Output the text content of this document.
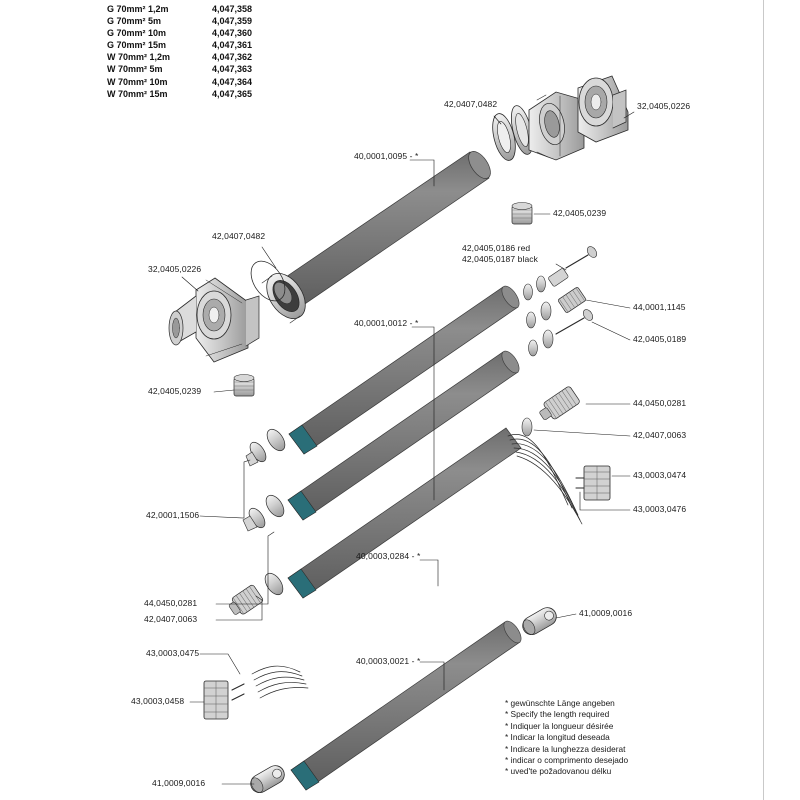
G 70mm² 1,2m	4,047,358
G 70mm² 5m	4,047,359
G 70mm² 10m	4,047,360
G 70mm² 15m	4,047,361
W 70mm² 1,2m	4,047,362
W 70mm² 5m	4,047,363
W 70mm² 10m	4,047,364
W 70mm² 15m	4,047,365
42,0407,0482	32,0405,0226
40,0001,0095 - *
42,0405,0239
42,0407,0482
42,0405,0186 red
42,0405,0187 black
44,0001,1145
32,0405,0226
40,0001,0012 - *
42,0405,0189
42,0405,0239
44,0450,0281
42,0407,0063
43,0003,0474
43,0003,0476
42,0001,1506
40,0003,0284 - *
44,0450,0281
42,0407,0063
41,0009,0016
43,0003,0475
40,0003,0021 - *
43,0003,0458
41,0009,0016
* gewünschte Länge angeben
* Specify the length required
* Indiquer la longueur désirée
* Indicar la longitud deseada
* Indicare la lunghezza desiderat
* indicar o comprimento desejado
* uved'te požadovanou délku
